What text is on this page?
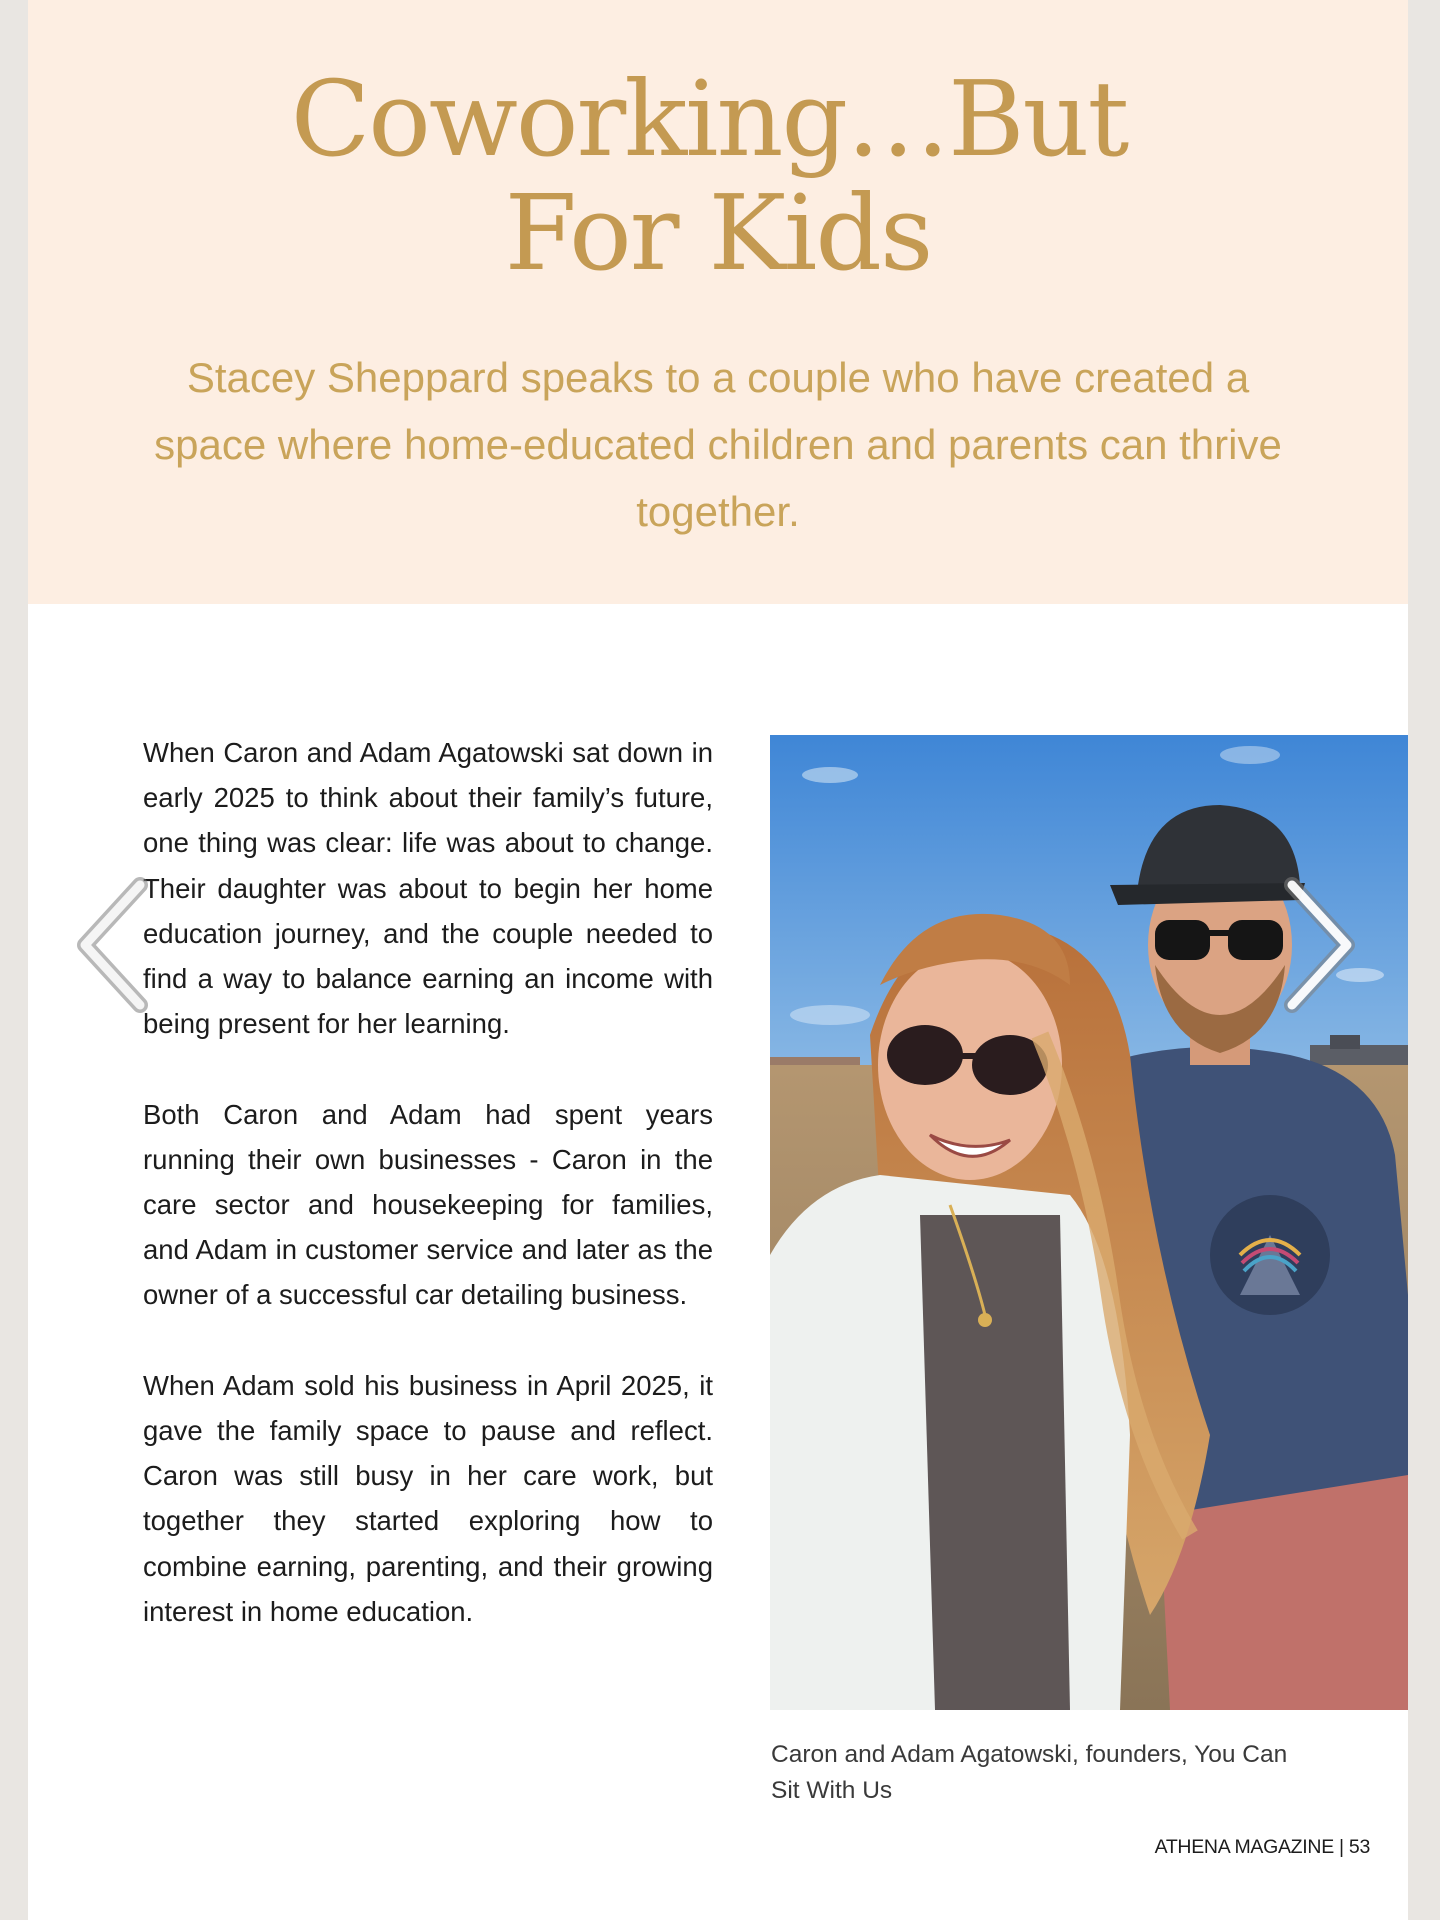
Coworking…But
For Kids

Stacey Sheppard speaks to a couple who have created a space where home-educated children and parents can thrive together.

When Caron and Adam Agatowski sat down in early 2025 to think about their family’s future, one thing was clear: life was about to change. Their daughter was about to begin her home education journey, and the couple needed to find a way to balance earning an income with being present for her learning.

Both Caron and Adam had spent years running their own businesses - Caron in the care sector and housekeeping for families, and Adam in customer service and later as the owner of a successful car detailing business.

When Adam sold his business in April 2025, it gave the family space to pause and reflect. Caron was still busy in her care work, but together they started exploring how to combine earning, parenting, and their growing interest in home education.

Caron and Adam Agatowski, founders, You Can Sit With Us
ATHENA MAGAZINE | 53
